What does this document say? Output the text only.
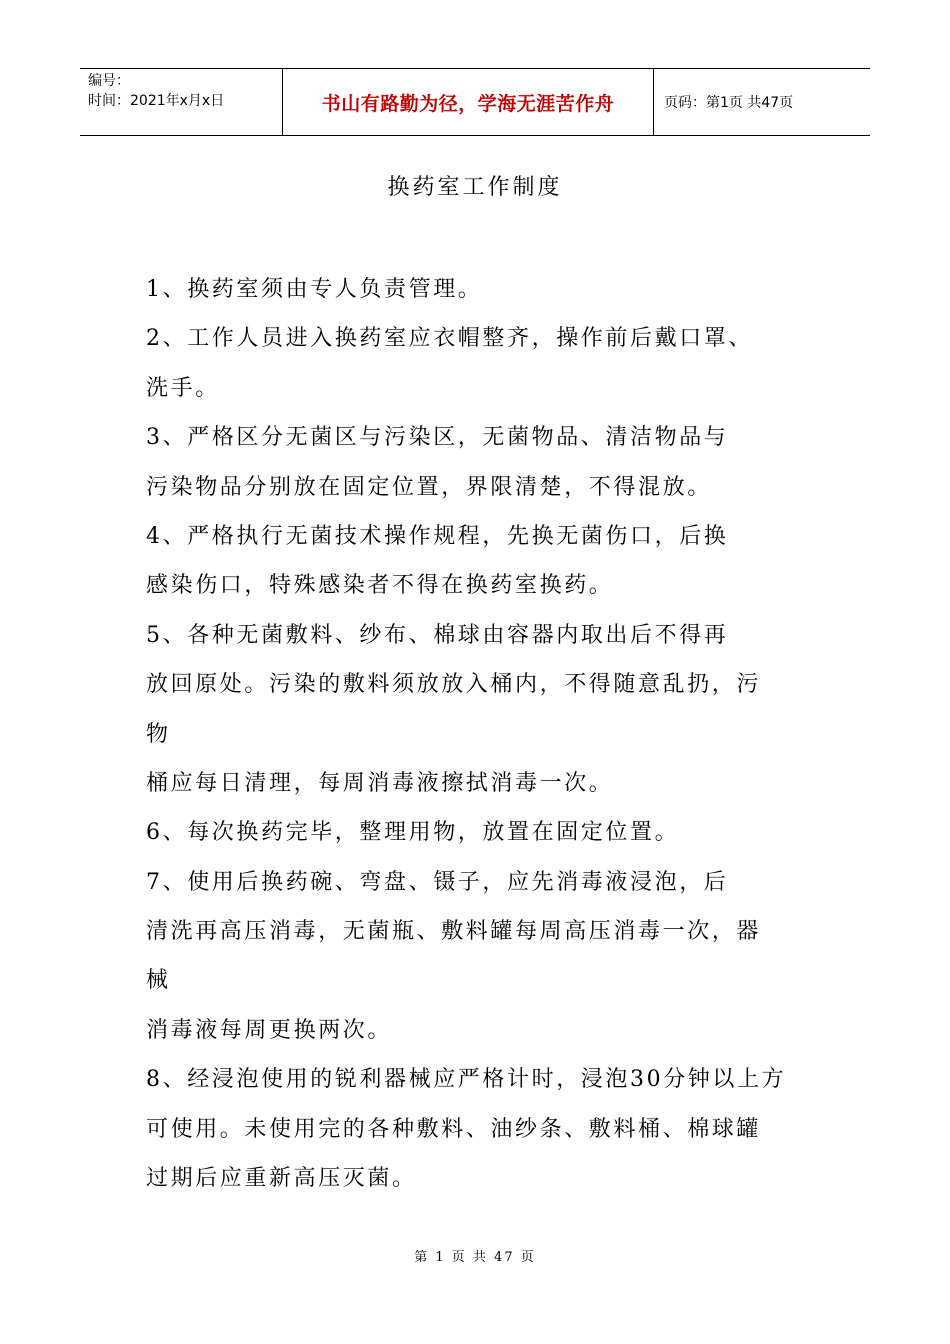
编号：
时间：2021年x月x日	书山有路勤为径，学海无涯苦作舟	页码：第1页 共47页
换药室工作制度
1、换药室须由专人负责管理。
2、工作人员进入换药室应衣帽整齐，操作前后戴口罩、
洗手。
3、严格区分无菌区与污染区，无菌物品、清洁物品与
污染物品分别放在固定位置，界限清楚，不得混放。
4、严格执行无菌技术操作规程，先换无菌伤口，后换
感染伤口，特殊感染者不得在换药室换药。
5、各种无菌敷料、纱布、棉球由容器内取出后不得再
放回原处。污染的敷料须放放入桶内，不得随意乱扔，污
物
桶应每日清理，每周消毒液擦拭消毒一次。
6、每次换药完毕，整理用物，放置在固定位置。
7、使用后换药碗、弯盘、镊子，应先消毒液浸泡，后
清洗再高压消毒，无菌瓶、敷料罐每周高压消毒一次，器
械
消毒液每周更换两次。
8、经浸泡使用的锐利器械应严格计时，浸泡30分钟以上方
可使用。未使用完的各种敷料、油纱条、敷料桶、棉球罐
过期后应重新高压灭菌。
第 1 页 共 47 页
